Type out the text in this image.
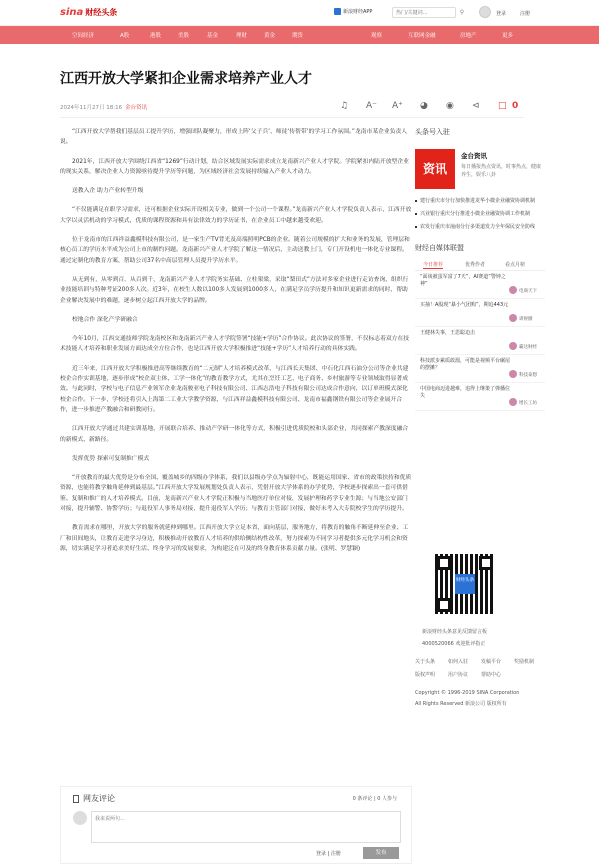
sina 财经头条	新浪财经APP
热门/关键词...	⚲	登录	注册
空间经济	A股	港股	美股	基金	理财	黄金	期货	观察	互联网金融	房地产	更多
江西开放大学紧扣企业需求培养产业人才
2024年11月27日 18:16 金台资讯	♫ A⁻ A⁺ ◕ ◉ ⊲ □ 0

“江西开放大学帮我们基层员工提升学历，增强团队凝聚力，形成上阵‘父子兵’、师徒‘传帮带’的学习工作氛围。”龙南市某企业负责人说。

2021年，江西开放大学围绕江西省“1269”行动计划，结合区域发展实际需求成立龙南新兴产业人才学院。学院紧扣内陆开放型企业的现实关系，解决企业人力资源亟待提升学历等问题，为区域经济社会发展持续输入产业人才动力。

送教入企 助力产业转型升级

“不仅能满足在职学习需求，还可根据企业实际开设相关专业，做到一个公司一个课程。”龙南新兴产业人才学院负责人表示，江西开放大学以灵活机动的学习模式，优质的课程资源和具有法律效力的学历证书，在企业员工中越来越受欢迎。

位于龙南市的江西祥益鑫模科技有限公司，是一家生产TV背光及高端照明PCB的企业。随着公司规模的扩大和业务的发展，管理层和核心员工的学历水平成为公司上市的制约问题。龙南新兴产业人才学院了解这一情况后，主动送教上门，专门开设机电一体化专业课程。通过定制化的教育方案，帮助公司37名中高层管理人员提升学历水平。

从无到有，从零到百，从百到千，龙南新兴产业人才学院务实基础、立柱架梁，采取“梨田式”方法对多家企业进行走访查询，组织行业技能培训与特种考证200多人次。近3年，在校生人数以100多人发展到1000多人，在满足学员学历提升和知识更新需求的同时，帮助企业解决发展中的难题，逐步树立起江西开放大学的品牌。

校地合作 深化产学研融合

今年10月，江西交通技师学院龙南校区和龙南新兴产业人才学院签署“技能+学历”合作协议。此次协议的签署，不仅标志着双方在技术技能人才培养和职业发展方面达成全方位合作，也是江西开放大学积极推进“技能+学历”人才培养行动的具体实践。

近三年来，江西开放大学积极推进高等继续教育的“二元制”人才培养模式改革，与江西长天集团、中石化江西石油分公司等企业共建校企合作实训基地，逐步形成“校企双主体、工学一体化”的教育教学方式，尤其在烹饪工艺、电子商务、乡村旅游等专业领域取得显著成效。与此同时，学校与电子信息产业领军企业龙南骏亚电子科技有限公司、江西志浩电子科技有限公司达成合作意向，以订单班模式深化校企合作。下一步，学校还将引入上海第二工业大学教学资源，与江西祥益鑫模科技有限公司、龙南市福鑫钢铁有限公司等企业展开合作，进一步推进产教融合和研教同行。

江西开放大学通过共建实训基地、开展联合培养、推动产学研一体化等方式，积极引进优质院校和头部企业，共同探索产教深度融合的新模式、新路径。

发挥优势 探索可复制推广模式

“开放教育的最大优势是分布全国、覆盖城乡的四级办学体系，我们以县级办学点为辐射中心，既能运用国家、省市的政策扶持和优质资源，也能将教学触角延伸到最基层。”江西开放大学发展规划处负责人表示，凭借开放大学体系的办学优势，学校逐步探索出一套可供借鉴、复制和推广的人才培养模式。目前，龙南新兴产业人才学院正积极与当地医疗单位对接，发展护理和药学专业生源；与当地公安部门对接，提升辅警、协警学历；与退役军人事务局对接，提升退役军人学历；与教育主管部门对接，做好未考入大专院校学生的学历提升。

教育需求在哪里，开放大学的服务就延伸到哪里。江西开放大学立足本省，面向基层，服务地方，将教育的触角不断延伸至企业、工厂和田间地头，让教育走进学习身边，积极推动开放教育人才培养的供给侧结构性改革，努力探索为不同学习者提供多元化学习机会和资源，切实满足学习者追求美好生活、终身学习的发展要求，为构建泛在可及的终身教育体系贡献力量。(张明、罗慧颖)

头条号入驻
资讯
金台资讯
每日播报热点资讯，时事热点，健康养生，娱乐八卦
建行重庆市分行加快推进龙华小微企业融资协调机制
兴业银行重庆分行推进小微企业融资协调工作机制
农发行重庆市潼南分行多渠道发力全年保民安全防线
财经自媒体联盟
今日推荐	优秀作者	看点月榜
“面谈被蛋军富了7天”，AI赛道“警钟之神”
电商天下
买抽！A股现“暴小气团购”，期追443元
训财圈
王健林失事，王思聪迫击
霸达财经
科技派步累质敢溜，可能是视频平台碾尾的摆摊？
科技泰想
中国电商迈进越难，追得上继策了弹播位失
增长工坊
财经头条
新浪财经头条意见反馈留言板
4000520066 欢迎批评指正
关于头条	如何入驻	发稿平台	奖励机制
版权声明	用户协议	帮助中心
Copyright © 1996-2019 SINA Corporation
All Rights Reserved 新浪公司 版权所有
网友评论	0 条评论 | 0 人参与
我来说两句...
登录 | 注册	发布
